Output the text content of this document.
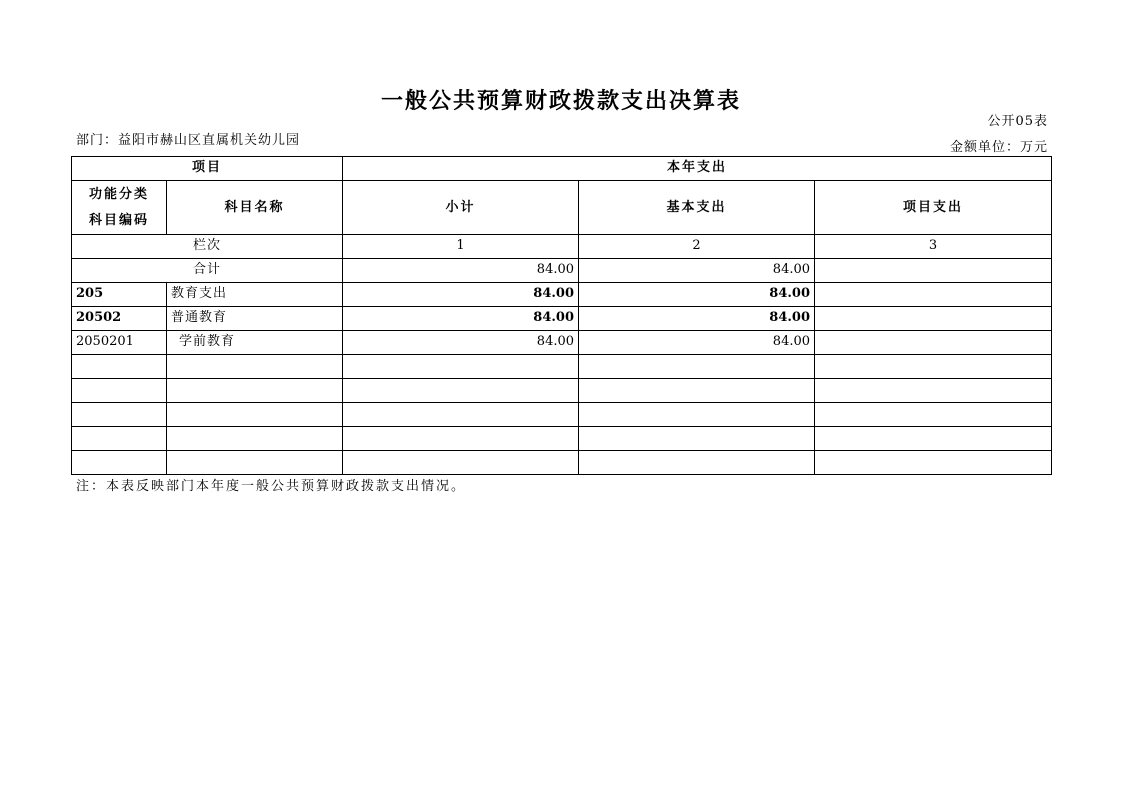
一般公共预算财政拨款支出决算表
公开05表
部门：益阳市赫山区直属机关幼儿园	金额单位：万元
项目		本年支出		

功能分类
科目编码	科目名称	小计	基本支出	项目支出
栏次		1	2	3
合计		84.00	84.00	
205	教育支出	84.00	84.00	
20502	普通教育	84.00	84.00	
2050201	学前教育	84.00	84.00	

注：本表反映部门本年度一般公共预算财政拨款支出情况。
